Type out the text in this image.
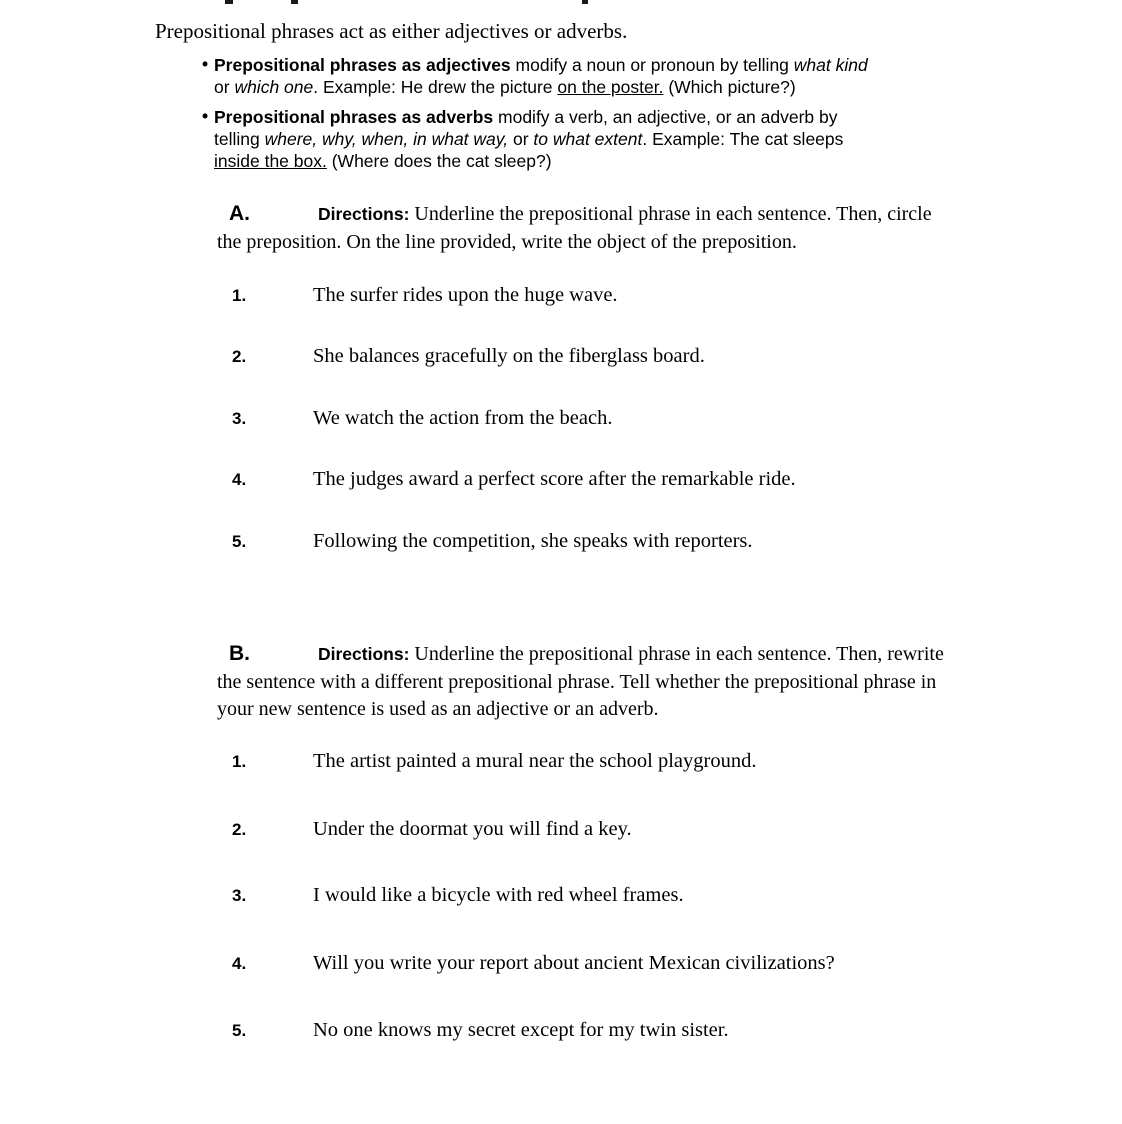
Prepositional phrases act as either adjectives or adverbs.
• Prepositional phrases as adjectives modify a noun or pronoun by telling what kind or which one. Example: He drew the picture on the poster. (Which picture?)
• Prepositional phrases as adverbs modify a verb, an adjective, or an adverb by telling where, why, when, in what way, or to what extent. Example: The cat sleeps inside the box. (Where does the cat sleep?)
A.	Directions: Underline the prepositional phrase in each sentence. Then, circle the preposition. On the line provided, write the object of the preposition.
1.	The surfer rides upon the huge wave.
2.	She balances gracefully on the fiberglass board.
3.	We watch the action from the beach.
4.	The judges award a perfect score after the remarkable ride.
5.	Following the competition, she speaks with reporters.
B.	Directions: Underline the prepositional phrase in each sentence. Then, rewrite the sentence with a different prepositional phrase. Tell whether the prepositional phrase in your new sentence is used as an adjective or an adverb.
1.	The artist painted a mural near the school playground.
2.	Under the doormat you will find a key.
3.	I would like a bicycle with red wheel frames.
4.	Will you write your report about ancient Mexican civilizations?
5.	No one knows my secret except for my twin sister.
